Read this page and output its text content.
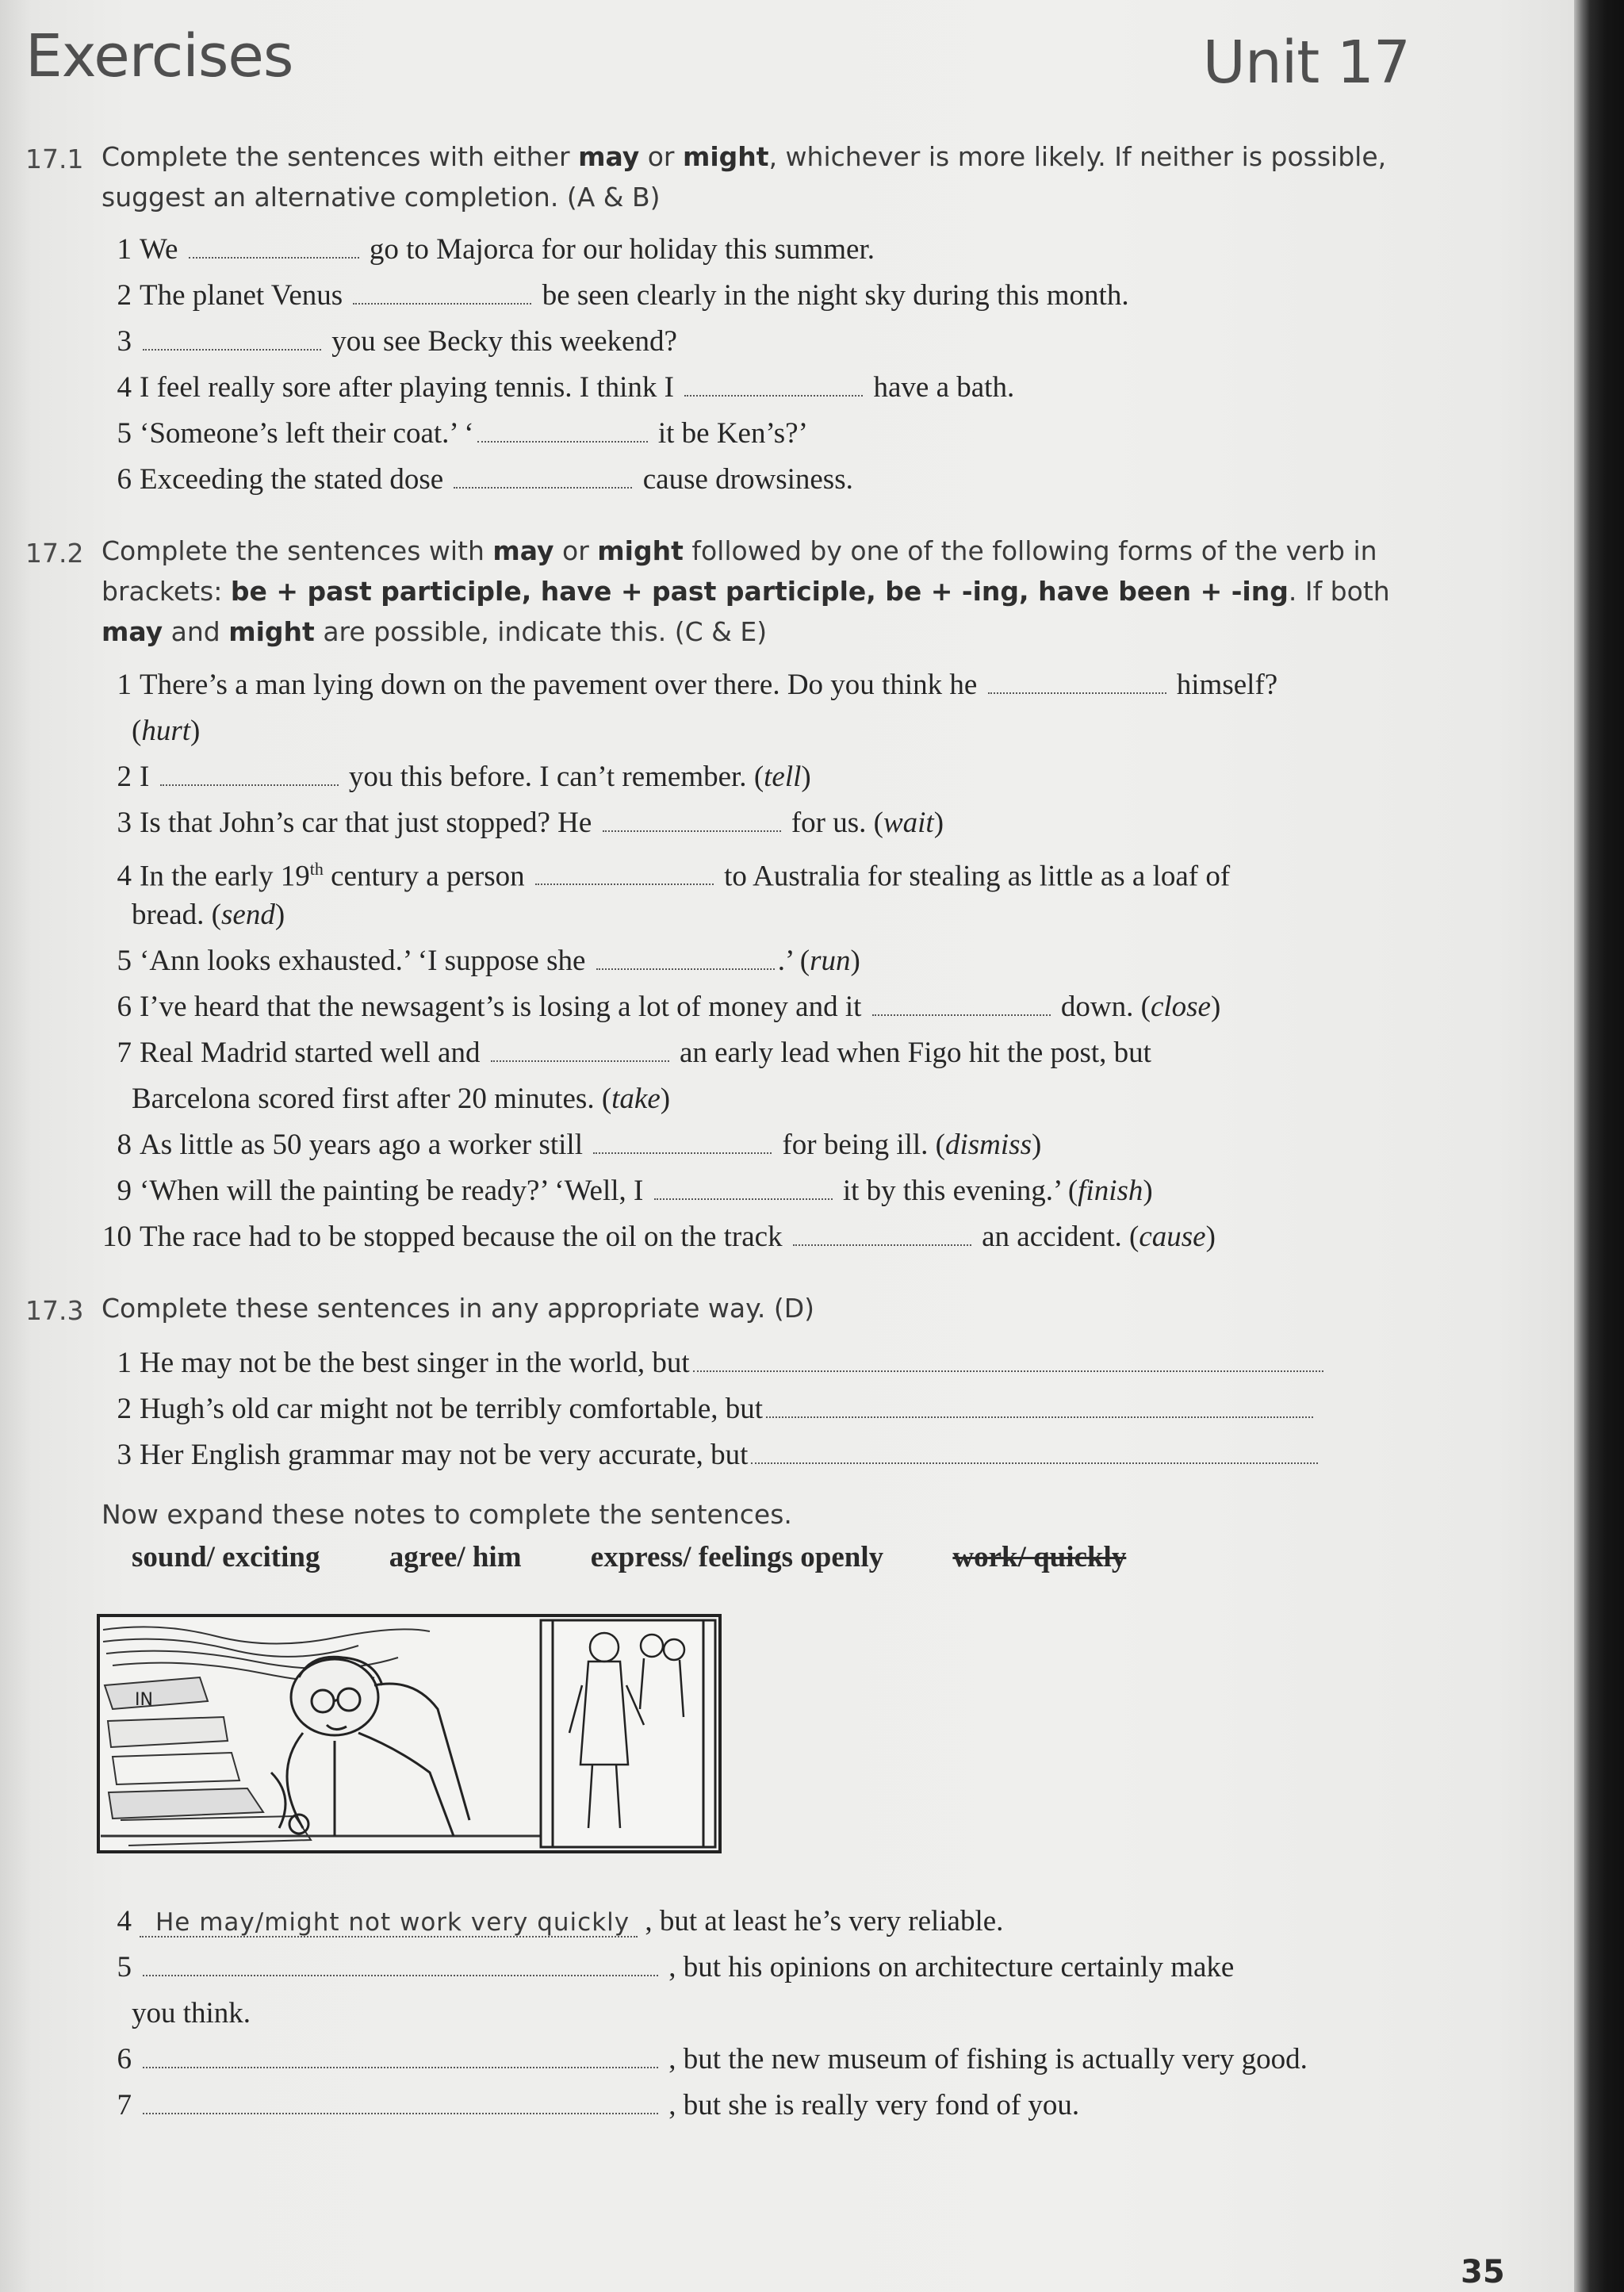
Exercises	Unit 17
17.1 Complete the sentences with either may or might, whichever is more likely. If neither is possible, suggest an alternative completion. (A & B)
1 We	go to Majorca for our holiday this summer.
2 The planet Venus	be seen clearly in the night sky during this month.
3	you see Becky this weekend?
4 I feel really sore after playing tennis. I think I	have a bath.
5 ‘Someone’s left their coat.’ ‘	it be Ken’s?’
6 Exceeding the stated dose	cause drowsiness.
17.2 Complete the sentences with may or might followed by one of the following forms of the verb in brackets: be + past participle, have + past participle, be + -ing, have been + -ing. If both may and might are possible, indicate this. (C & E)
1 There’s a man lying down on the pavement over there. Do you think he	himself?
(hurt)
2 I	you this before. I can’t remember. (tell)
3 Is that John’s car that just stopped? He	for us. (wait)
4 In the early 19th century a person	to Australia for stealing as little as a loaf of
bread. (send)
5 ‘Ann looks exhausted.’ ‘I suppose she	.’ (run)
6 I’ve heard that the newsagent’s is losing a lot of money and it	down. (close)
7 Real Madrid started well and	an early lead when Figo hit the post, but
Barcelona scored first after 20 minutes. (take)
8 As little as 50 years ago a worker still	for being ill. (dismiss)
9 ‘When will the painting be ready?’ ‘Well, I	it by this evening.’ (finish)
10 The race had to be stopped because the oil on the track	an accident. (cause)
17.3 Complete these sentences in any appropriate way. (D)
1 He may not be the best singer in the world, but
2 Hugh’s old car might not be terribly comfortable, but
3 Her English grammar may not be very accurate, but
Now expand these notes to complete the sentences.
sound/ exciting agree/ him express/ feelings openly work/ quickly
IN
4 He may/might not work very quickly , but at least he’s very reliable.
5	, but his opinions on architecture certainly make
you think.
6	, but the new museum of fishing is actually very good.
7	, but she is really very fond of you.
35
